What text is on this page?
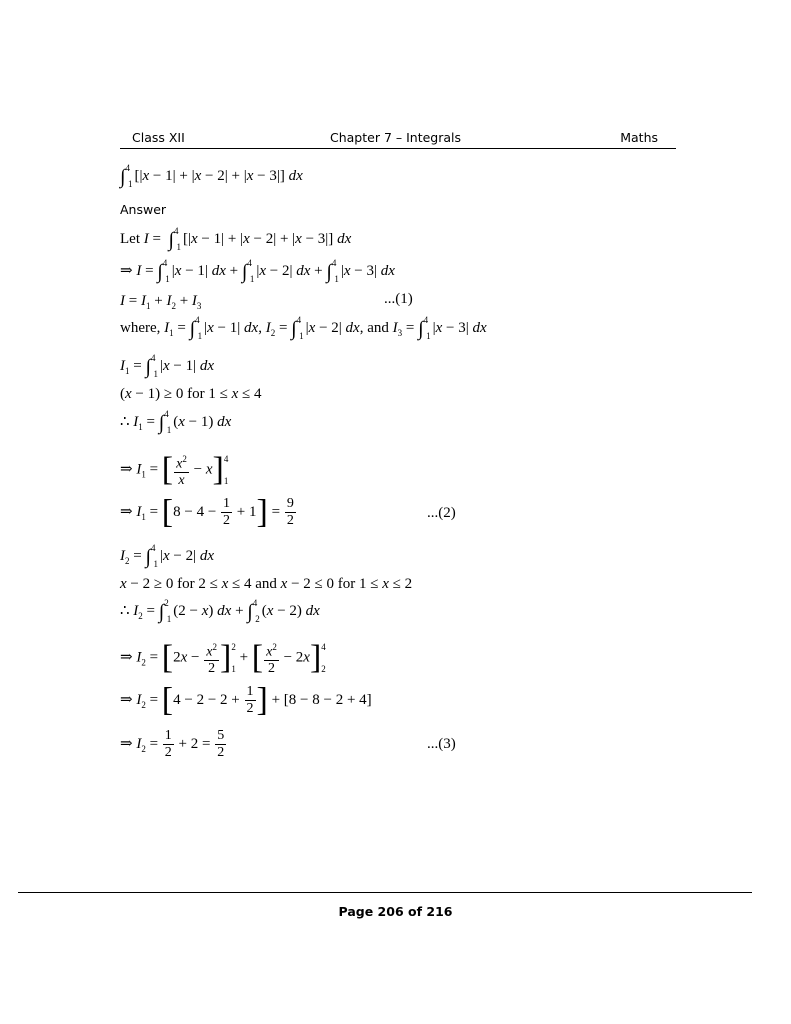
Class XII	Chapter 7 – Integrals	Maths
∫41 [|x − 1| + |x − 2| + |x − 3|] dx
Answer
Let I =  ∫41 [|x − 1| + |x − 2| + |x − 3|] dx
⇒ I = ∫41 |x − 1| dx + ∫41 |x − 2| dx + ∫41 |x − 3| dx
$I = I_1 + I_2 + I_3$	...(1)
where, $I_1 = \int 41$ |x − 1| dx, $I_2 = \int 41$ |x − 2| dx, and $I_3 = \int 41$ |x − 3| dx
$I_1 = \int 41$ |x − 1| dx
(x − 1) ≥ 0 for 1 ≤ x ≤ 4
∴ $I_1 = \int 41$ (x − 1) dx
⇒ $I_1$ = [ $\frac{x^2}{x} - x$] 4
1
⇒ $I_1 = [8 - 4 - \frac{1}{2} + 1] = \frac{9}{2}$	...(2)
$I_2 = \int 41$ |x − 2| dx
x − 2 ≥ 0 for 2 ≤ x ≤ 4 and x − 2 ≤ 0 for 1 ≤ x ≤ 2
∴ $I_2 = \int 21$ (2 − x) dx + ∫42 (x − 2) dx
⇒ $I_2 = [2x - \frac{x^2}{2}$ ] 2
1
+ [ $\frac{x^2}{2} - 2x$] 4
2
⇒ $I_2 = [4 - 2 - 2 + \frac{1}{2}$ ] + [8 − 8 − 2 + 4]
⇒ $I_2 = \frac{1}{2} + 2 = \frac{5}{2}$	...(3)
Page 206 of 216
